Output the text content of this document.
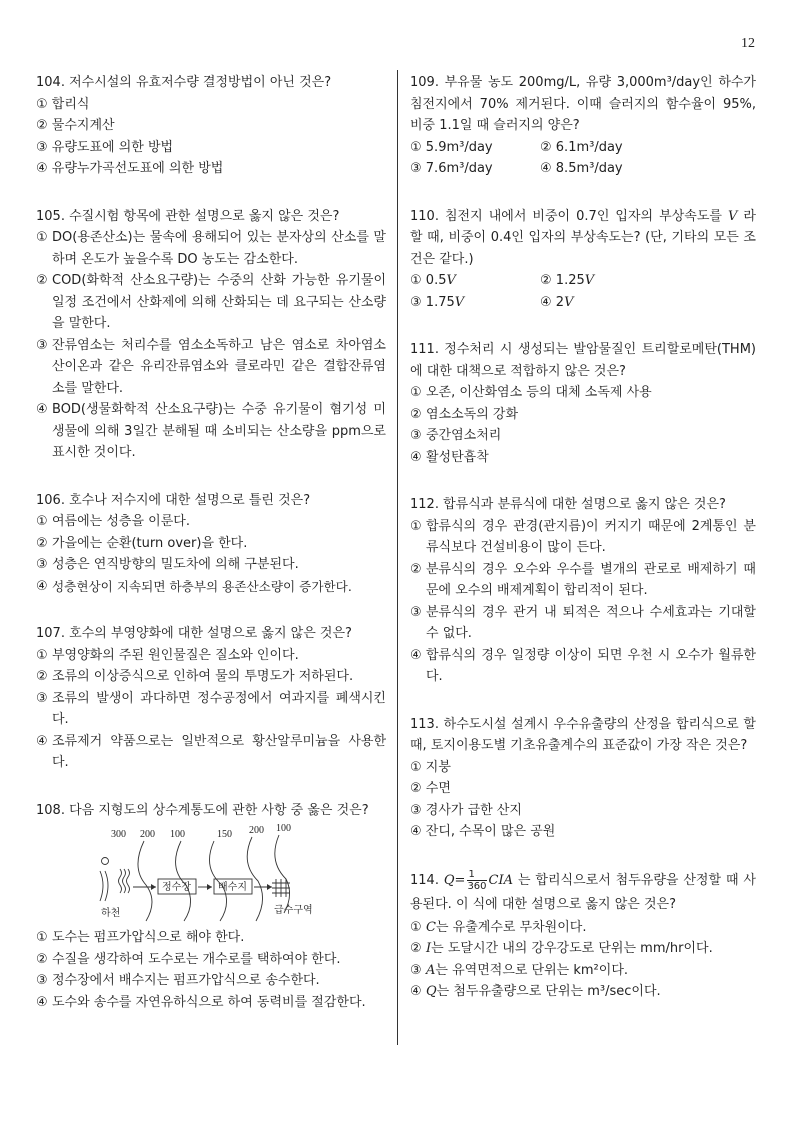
12
104. 저수시설의 유효저수량 결정방법이 아닌 것은?
① 합리식
② 물수지계산
③ 유량도표에 의한 방법
④ 유량누가곡선도표에 의한 방법
105. 수질시험 항목에 관한 설명으로 옳지 않은 것은?
① DO(용존산소)는 물속에 용해되어 있는 분자상의 산소를 말하며 온도가 높을수록 DO 농도는 감소한다.
② COD(화학적 산소요구량)는 수중의 산화 가능한 유기물이 일정 조건에서 산화제에 의해 산화되는 데 요구되는 산소량을 말한다.
③ 잔류염소는 처리수를 염소소독하고 남은 염소로 차아염소산이온과 같은 유리잔류염소와 클로라민 같은 결합잔류염소를 말한다.
④ BOD(생물화학적 산소요구량)는 수중 유기물이 혐기성 미생물에 의해 3일간 분해될 때 소비되는 산소량을 ppm으로 표시한 것이다.
106. 호수나 저수지에 대한 설명으로 틀린 것은?
① 여름에는 성층을 이룬다.
② 가을에는 순환(turn over)을 한다.
③ 성층은 연직방향의 밀도차에 의해 구분된다.
④ 성층현상이 지속되면 하층부의 용존산소량이 증가한다.
107. 호수의 부영양화에 대한 설명으로 옳지 않은 것은?
① 부영양화의 주된 원인물질은 질소와 인이다.
② 조류의 이상증식으로 인하여 물의 투명도가 저하된다.
③ 조류의 발생이 과다하면 정수공정에서 여과지를 폐색시킨다.
④ 조류제거 약품으로는 일반적으로 황산알루미늄을 사용한다.
108. 다음 지형도의 상수계통도에 관한 사항 중 옳은 것은?
300 200 100	150 200 100
하천
정수장	배수지
급수구역
① 도수는 펌프가압식으로 해야 한다.
② 수질을 생각하여 도수로는 개수로를 택하여야 한다.
③ 정수장에서 배수지는 펌프가압식으로 송수한다.
④ 도수와 송수를 자연유하식으로 하여 동력비를 절감한다.
109. 부유물 농도 200mg/L, 유량 3,000m³/day인 하수가 침전지에서 70% 제거된다. 이때 슬러지의 함수율이 95%, 비중 1.1일 때 슬러지의 양은?
① 5.9m³/day	② 6.1m³/day
③ 7.6m³/day	④ 8.5m³/day
110. 침전지 내에서 비중이 0.7인 입자의 부상속도를 V 라 할 때, 비중이 0.4인 입자의 부상속도는? (단, 기타의 모든 조건은 같다.)
①
0.5 V	②
1.25 V
③
1.75 V	④
2 V
111. 정수처리 시 생성되는 발암물질인 트리할로메탄(THM)에 대한 대책으로 적합하지 않은 것은?
① 오존, 이산화염소 등의 대체 소독제 사용
② 염소소독의 강화
③ 중간염소처리
④ 활성탄흡착
112. 합류식과 분류식에 대한 설명으로 옳지 않은 것은?
① 합류식의 경우 관경(관지름)이 커지기 때문에 2계통인 분류식보다 건설비용이 많이 든다.
② 분류식의 경우 오수와 우수를 별개의 관로로 배제하기 때문에 오수의 배제계획이 합리적이 된다.
③ 분류식의 경우 관거 내 퇴적은 적으나 수세효과는 기대할 수 없다.
④ 합류식의 경우 일정량 이상이 되면 우천 시 오수가 월류한다.
113. 하수도시설 설계시 우수유출량의 산정을 합리식으로 할 때, 토지이용도별 기초유출계수의 표준값이 가장 작은 것은?
① 지붕
② 수면
③ 경사가 급한 산지
④ 잔디, 수목이 많은 공원
114. $Q= \frac{1}{360}$ CIA 는 합리식으로서 첨두유량을 산정할 때 사용된다. 이 식에 대한 설명으로 옳지 않은 것은?
① C는 유출계수로 무차원이다.
② I는 도달시간 내의 강우강도로 단위는 mm/hr이다.
③ A는 유역면적으로 단위는 km²이다.
④ Q는 첨두유출량으로 단위는 m³/sec이다.
